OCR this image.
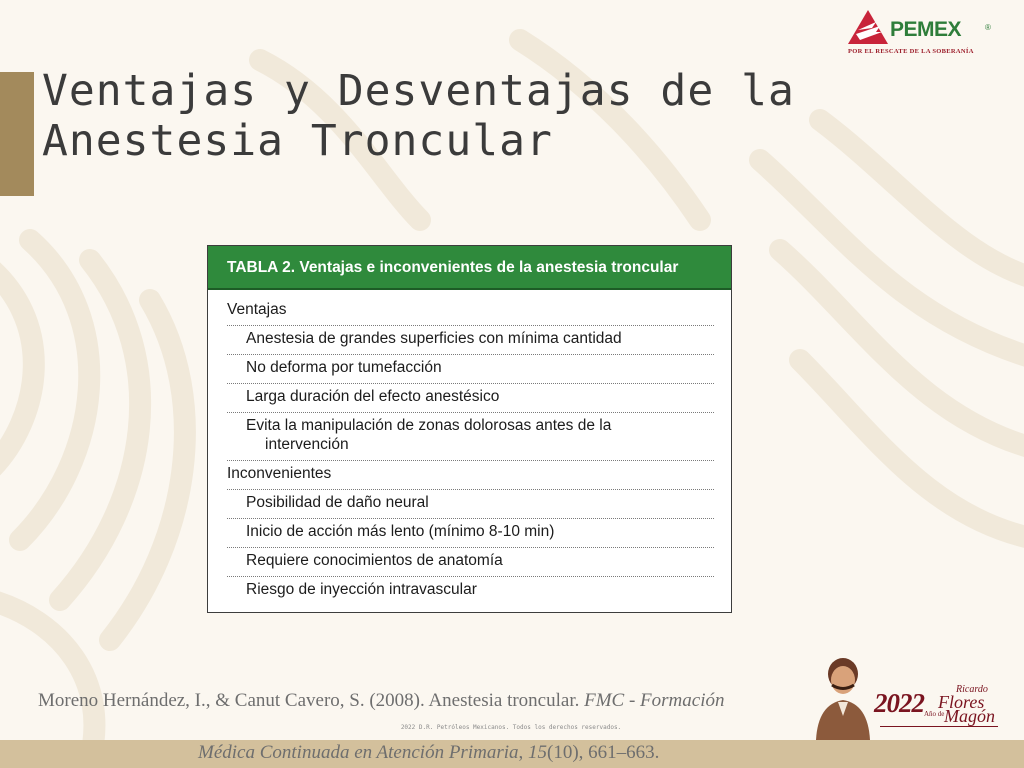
Ventajas y Desventajas de la
Anestesia Troncular
PEMEX	®
POR EL RESCATE DE LA SOBERANÍA
TABLA 2. Ventajas e inconvenientes de la anestesia troncular
Ventajas
Anestesia de grandes superficies con mínima cantidad
No deforma por tumefacción
Larga duración del efecto anestésico
Evita la manipulación de zonas dolorosas antes de la
intervención
Inconvenientes
Posibilidad de daño neural
Inicio de acción más lento (mínimo 8-10 min)
Requiere conocimientos de anatomía
Riesgo de inyección intravascular
Moreno Hernández, I., & Canut Cavero, S. (2008). Anestesia troncular. FMC - Formación
Médica Continuada en Atención Primaria, 15(10), 661–663.
2022 D.R. Petróleos Mexicanos. Todos los derechos reservados.
2022 Año de
Ricardo
Flores
Magón
